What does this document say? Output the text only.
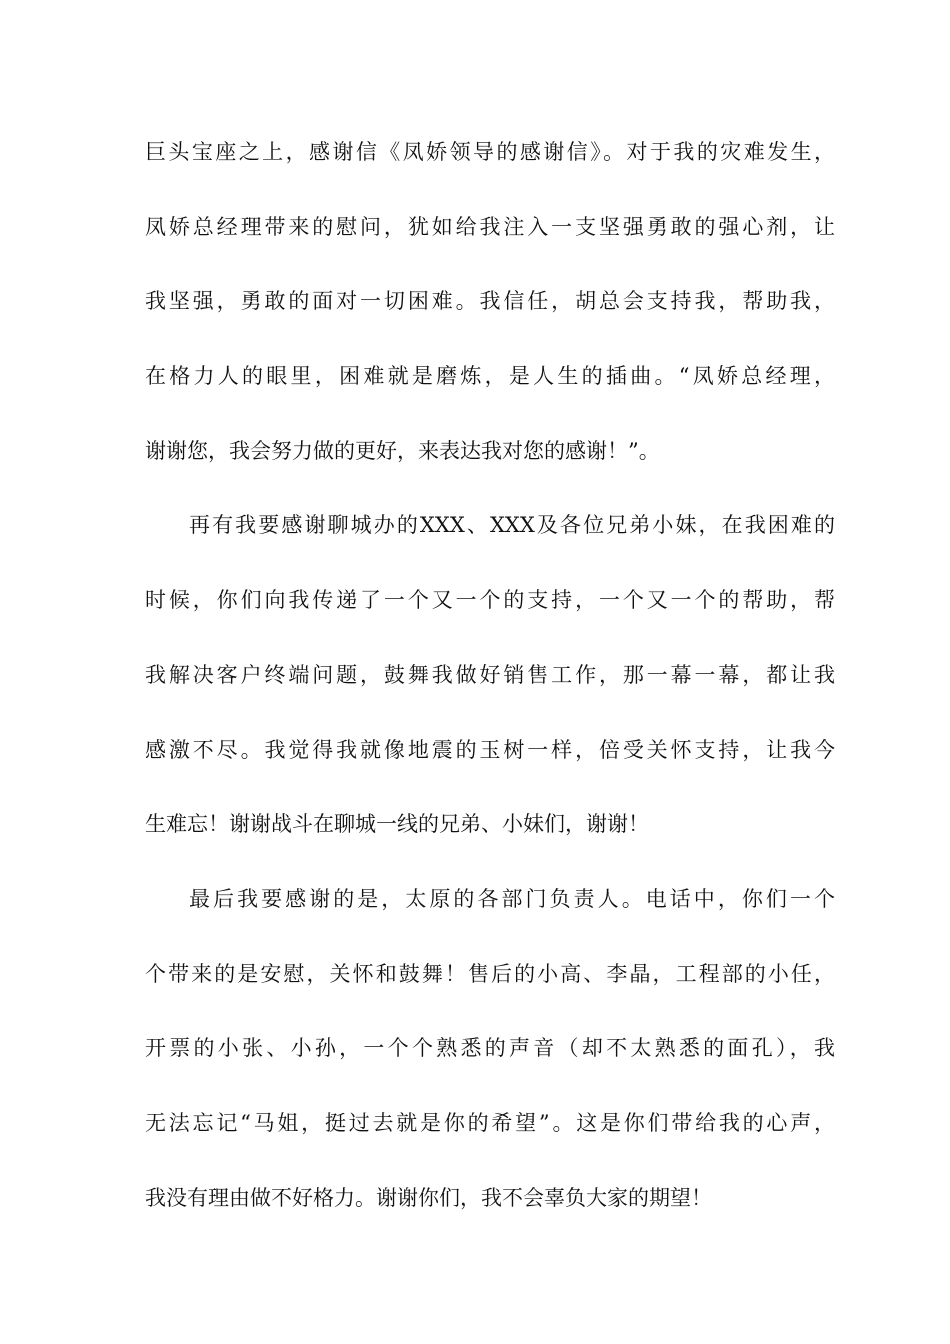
巨头宝座之上，感谢信《凤娇领导的感谢信》。对于我的灾难发生，
凤娇总经理带来的慰问，犹如给我注入一支坚强勇敢的强心剂，让
我坚强，勇敢的面对一切困难。我信任，胡总会支持我，帮助我，
在格力人的眼里，困难就是磨炼，是人生的插曲。“凤娇总经理，
谢谢您，我会努力做的更好，来表达我对您的感谢！”。
再有我要感谢聊城办的XXX、XXX及各位兄弟小妹，在我困难的
时候，你们向我传递了一个又一个的支持，一个又一个的帮助，帮
我解决客户终端问题，鼓舞我做好销售工作，那一幕一幕，都让我
感激不尽。我觉得我就像地震的玉树一样，倍受关怀支持，让我今
生难忘！谢谢战斗在聊城一线的兄弟、小妹们，谢谢！
最后我要感谢的是，太原的各部门负责人。电话中，你们一个
个带来的是安慰，关怀和鼓舞！售后的小高、李晶，工程部的小任，
开票的小张、小孙，一个个熟悉的声音（却不太熟悉的面孔），我
无法忘记“马姐，挺过去就是你的希望”。这是你们带给我的心声，
我没有理由做不好格力。谢谢你们，我不会辜负大家的期望！
